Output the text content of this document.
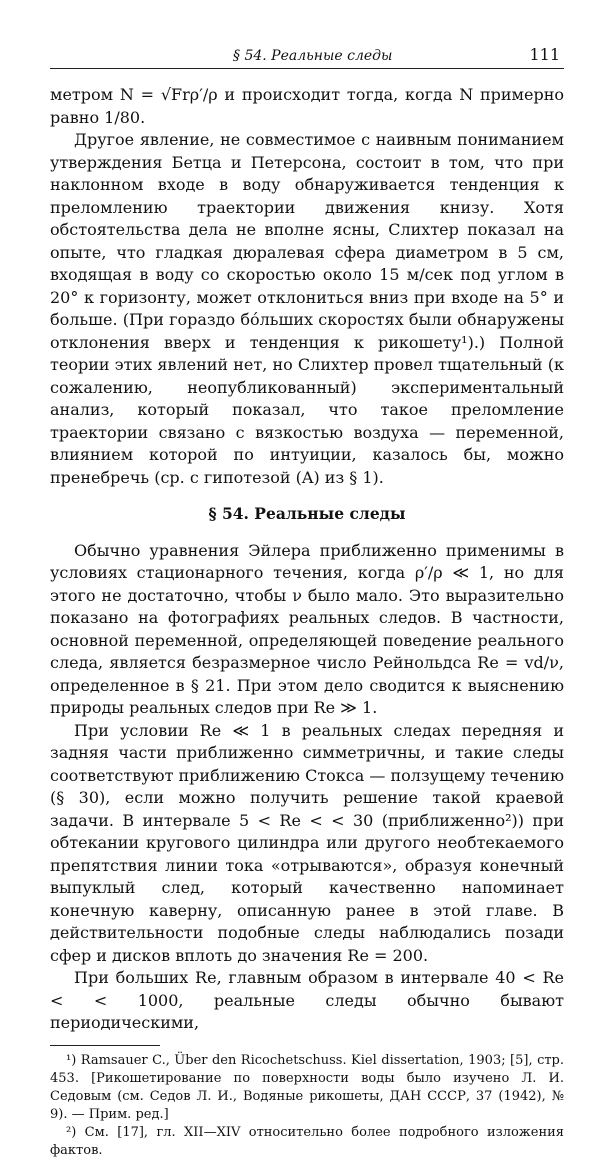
§ 54. Реальные следы	111

метром N = √Frρ′/ρ и происходит тогда, когда N примерно равно 1/80.

Другое явление, не совместимое с наивным пониманием утверждения Бетца и Петерсона, состоит в том, что при наклонном входе в воду обнаруживается тенденция к преломлению траектории движения книзу. Хотя обстоятельства дела не вполне ясны, Слихтер показал на опыте, что гладкая дюралевая сфера диаметром в 5 см, входящая в воду со скоростью около 15 м/сек под углом в 20° к горизонту, может отклониться вниз при входе на 5° и больше. (При гораздо бо́льших скоростях были обнаружены отклонения вверх и тенденция к рикошету¹).) Полной теории этих явлений нет, но Слихтер провел тщательный (к сожалению, неопубликованный) экспериментальный анализ, который показал, что такое преломление траектории связано с вязкостью воздуха — переменной, влиянием которой по интуиции, казалось бы, можно пренебречь (ср. с гипотезой (A) из § 1).

§ 54. Реальные следы

Обычно уравнения Эйлера приближенно применимы в условиях стационарного течения, когда ρ′/ρ ≪ 1, но для этого не достаточно, чтобы ν было мало. Это выразительно показано на фотографиях реальных следов. В частности, основной переменной, определяющей поведение реального следа, является безразмерное число Рейнольдса Re = vd/ν, определенное в § 21. При этом дело сводится к выяснению природы реальных следов при Re ≫ 1.

При условии Re ≪ 1 в реальных следах передняя и задняя части приближенно симметричны, и такие следы соответствуют приближению Стокса — ползущему течению (§ 30), если можно получить решение такой краевой задачи. В интервале 5 < Re < < 30 (приближенно²)) при обтекании кругового цилиндра или другого необтекаемого препятствия линии тока «отрываются», образуя конечный выпуклый след, который качественно напоминает конечную каверну, описанную ранее в этой главе. В действительности подобные следы наблюдались позади сфер и дисков вплоть до значения Re = 200.

При больших Re, главным образом в интервале 40 < Re < < 1000, реальные следы обычно бывают периодическими,

¹) Ramsauer C., Über den Ricochetschuss. Kiel dissertation, 1903; [5], стр. 453. [Рикошетирование по поверхности воды было изучено Л. И. Седовым (см. Седов Л. И., Водяные рикошеты, ДАН СССР, 37 (1942), № 9). — Прим. ред.]

²) См. [17], гл. XII—XIV относительно более подробного изложения фактов.
